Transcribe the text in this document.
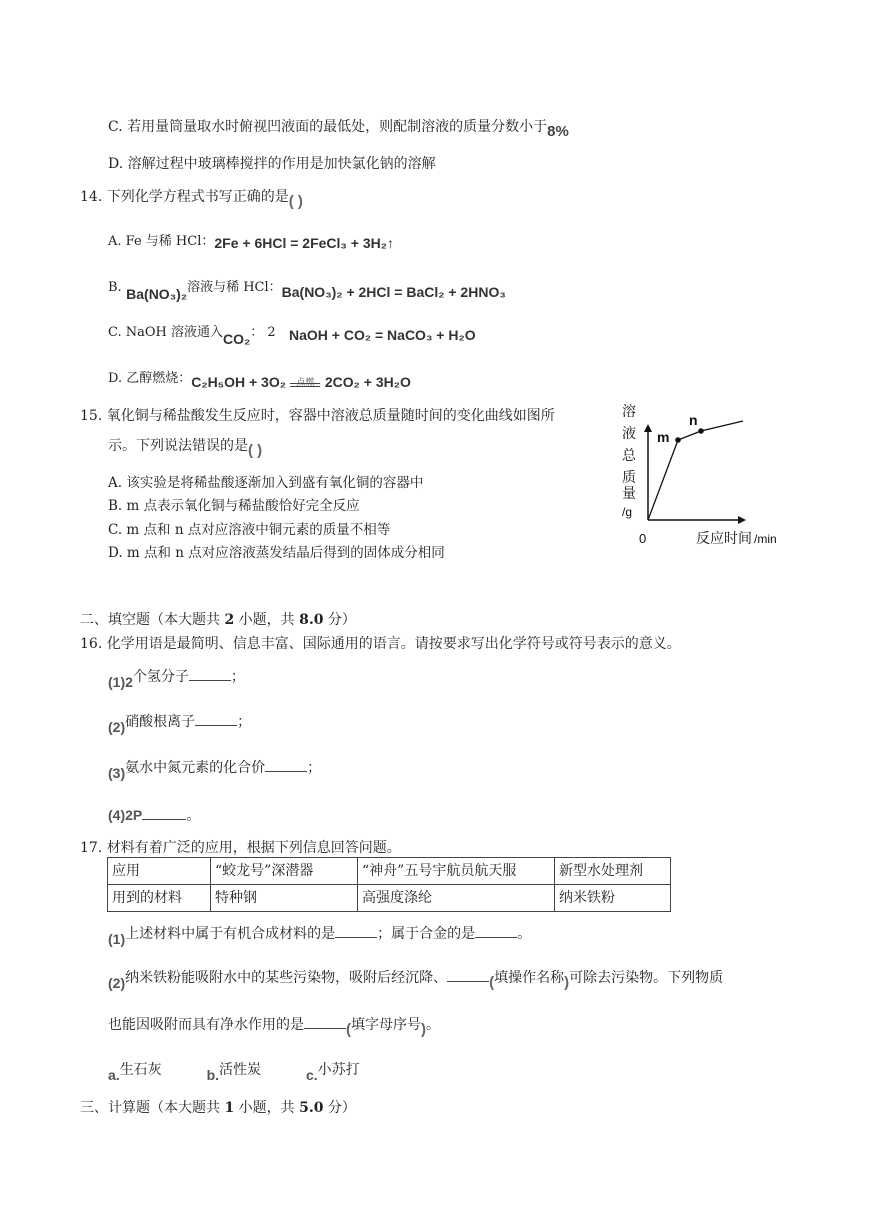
C. 若用量筒量取水时俯视凹液面的最低处，则配制溶液的质量分数小于8%
D. 溶解过程中玻璃棒搅拌的作用是加快氯化钠的溶解
14. 下列化学方程式书写正确的是( )
A. Fe 与稀 HCl：2Fe + 6HCl = 2FeCl₃ + 3H₂↑
B. Ba(NO₃)₂溶液与稀 HCl：Ba(NO₃)₂ + 2HCl = BaCl₂ + 2HNO₃
C. NaOH 溶液通入CO₂： 2 NaOH + CO₂ = NaCO₃ + H₂O
D. 乙醇燃烧：C₂H₅OH + 3O₂	点燃 2CO₂ + 3H₂O
15. 氧化铜与稀盐酸发生反应时，容器中溶液总质量随时间的变化曲线如图所
示。下列说法错误的是( )
A. 该实验是将稀盐酸逐渐加入到盛有氧化铜的容器中
B. m 点表示氧化铜与稀盐酸恰好完全反应
C. m 点和 n 点对应溶液中铜元素的质量不相等
D. m 点和 n 点对应溶液蒸发结晶后得到的固体成分相同
溶
液
总
质
量
/g
0	反应时间 /min
m
n
二、填空题（本大题共 2 小题，共 8.0 分）
16. 化学用语是最简明、信息丰富、国际通用的语言。请按要求写出化学符号或符号表示的意义。
(1)2个氢分子	；
(2)硝酸根离子	；
(3)氨水中氮元素的化合价	；
(4)2P	。
17. 材料有着广泛的应用，根据下列信息回答问题。
应用	“蛟龙号”深潜器	“神舟”五号宇航员航天服	新型水处理剂
用到的材料	特种钢	高强度涤纶	纳米铁粉
(1)上述材料中属于有机合成材料的是	；属于合金的是	。
(2)纳米铁粉能吸附水中的某些污染物，吸附后经沉降、	(填操作名称)可除去污染物。下列物质
也能因吸附而具有净水作用的是	(填字母序号)。
a.生石灰	b.活性炭	c.小苏打
三、计算题（本大题共 1 小题，共 5.0 分）
